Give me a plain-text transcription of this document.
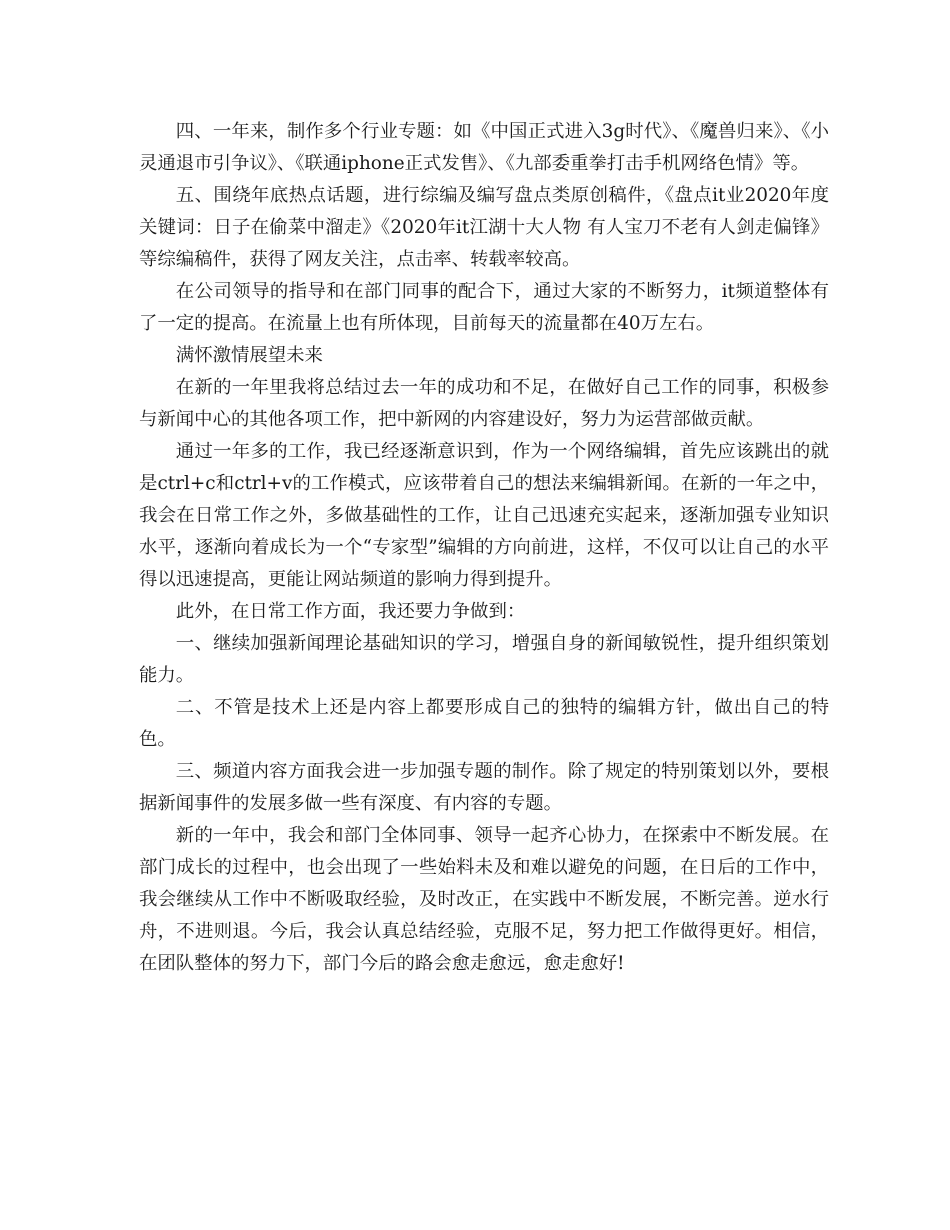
四、一年来，制作多个行业专题：如《中国正式进入3g时代》、《魔兽归来》、《小灵通退市引争议》、《联通iphone正式发售》、《九部委重拳打击手机网络色情》等。

五、围绕年底热点话题，进行综编及编写盘点类原创稿件，《盘点it业2020年度关键词：日子在偷菜中溜走》《2020年it江湖十大人物 有人宝刀不老有人剑走偏锋》等综编稿件，获得了网友关注，点击率、转载率较高。

在公司领导的指导和在部门同事的配合下，通过大家的不断努力，it频道整体有了一定的提高。在流量上也有所体现，目前每天的流量都在40万左右。

满怀激情展望未来

在新的一年里我将总结过去一年的成功和不足，在做好自己工作的同事，积极参与新闻中心的其他各项工作，把中新网的内容建设好，努力为运营部做贡献。

通过一年多的工作，我已经逐渐意识到，作为一个网络编辑，首先应该跳出的就是ctrl+c和ctrl+v的工作模式，应该带着自己的想法来编辑新闻。在新的一年之中，我会在日常工作之外，多做基础性的工作，让自己迅速充实起来，逐渐加强专业知识水平，逐渐向着成长为一个“专家型”编辑的方向前进，这样，不仅可以让自己的水平得以迅速提高，更能让网站频道的影响力得到提升。

此外，在日常工作方面，我还要力争做到：

一、继续加强新闻理论基础知识的学习，增强自身的新闻敏锐性，提升组织策划能力。

二、不管是技术上还是内容上都要形成自己的独特的编辑方针，做出自己的特色。

三、频道内容方面我会进一步加强专题的制作。除了规定的特别策划以外，要根据新闻事件的发展多做一些有深度、有内容的专题。

新的一年中，我会和部门全体同事、领导一起齐心协力，在探索中不断发展。在部门成长的过程中，也会出现了一些始料未及和难以避免的问题，在日后的工作中，我会继续从工作中不断吸取经验，及时改正，在实践中不断发展，不断完善。逆水行舟，不进则退。今后，我会认真总结经验，克服不足，努力把工作做得更好。相信，在团队整体的努力下，部门今后的路会愈走愈远，愈走愈好!
